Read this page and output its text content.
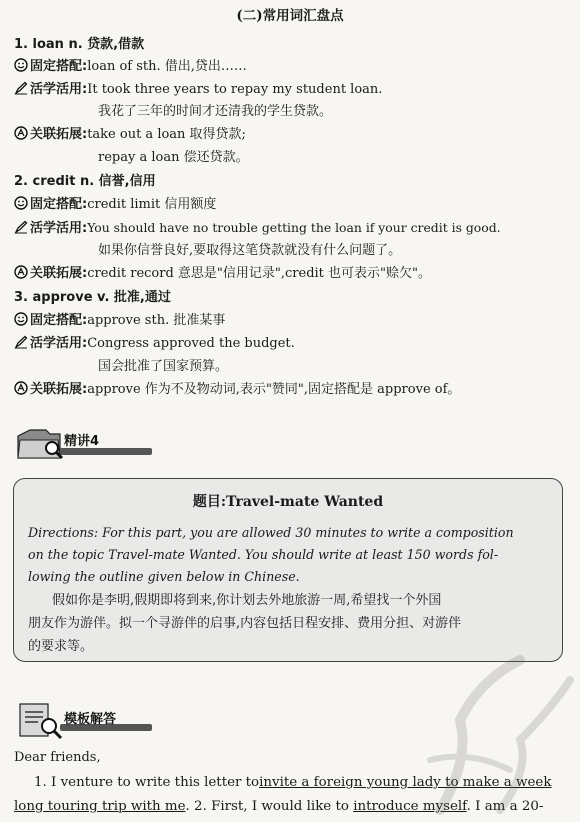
(二)常用词汇盘点
1. loan n. 贷款,借款
固定搭配:loan of sth. 借出,贷出……
活学活用:It took three years to repay my student loan.
我花了三年的时间才还清我的学生贷款。
关联拓展:take out a loan 取得贷款;
repay a loan 偿还贷款。
2. credit n. 信誉,信用
固定搭配:credit limit 信用额度
活学活用:You should have no trouble getting the loan if your credit is good.
如果你信誉良好,要取得这笔贷款就没有什么问题了。
关联拓展:credit record 意思是"信用记录",credit 也可表示"赊欠"。
3. approve v. 批准,通过
固定搭配:approve sth. 批准某事
活学活用:Congress approved the budget.
国会批准了国家预算。
关联拓展:approve 作为不及物动词,表示"赞同",固定搭配是 approve of。
精讲4
题目:Travel-mate Wanted
Directions: For this part, you are allowed 30 minutes to write a composition
on the topic Travel-mate Wanted. You should write at least 150 words fol-
lowing the outline given below in Chinese.
假如你是李明,假期即将到来,你计划去外地旅游一周,希望找一个外国
朋友作为游伴。拟一个寻游伴的启事,内容包括日程安排、费用分担、对游伴
的要求等。
模板解答
Dear friends,
1. I venture to write this letter toinvite a foreign young lady to make a week
long touring trip with me. 2. First, I would like to introduce myself. I am a 20-
